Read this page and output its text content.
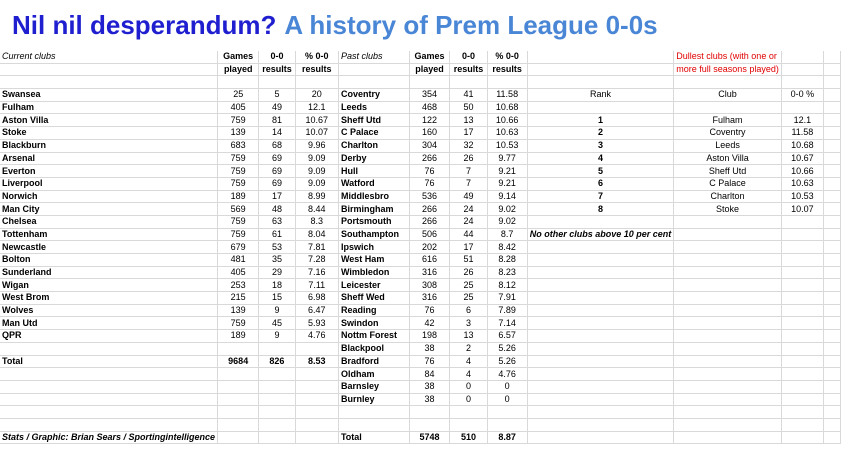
Nil nil desperandum? A history of Prem League 0-0s
Current clubs	Games	0-0	% 0-0	Past clubs	Games	0-0	% 0-0		Dullest clubs (with one or		
	played	results	results		played	results	results		more full seasons played)		

Swansea	25	5	20	Coventry	354	41	11.58	Rank	Club	0-0 %	
Fulham	405	49	12.1	Leeds	468	50	10.68				
Aston Villa	759	81	10.67	Sheff Utd	122	13	10.66	1	Fulham	12.1	
Stoke	139	14	10.07	C Palace	160	17	10.63	2	Coventry	11.58	
Blackburn	683	68	9.96	Charlton	304	32	10.53	3	Leeds	10.68	
Arsenal	759	69	9.09	Derby	266	26	9.77	4	Aston Villa	10.67	
Everton	759	69	9.09	Hull	76	7	9.21	5	Sheff Utd	10.66	
Liverpool	759	69	9.09	Watford	76	7	9.21	6	C Palace	10.63	
Norwich	189	17	8.99	Middlesbro	536	49	9.14	7	Charlton	10.53	
Man City	569	48	8.44	Birmingham	266	24	9.02	8	Stoke	10.07	
Chelsea	759	63	8.3	Portsmouth	266	24	9.02				
Tottenham	759	61	8.04	Southampton	506	44	8.7	No other clubs above 10 per cent			
Newcastle	679	53	7.81	Ipswich	202	17	8.42				
Bolton	481	35	7.28	West Ham	616	51	8.28				
Sunderland	405	29	7.16	Wimbledon	316	26	8.23				
Wigan	253	18	7.11	Leicester	308	25	8.12				
West Brom	215	15	6.98	Sheff Wed	316	25	7.91				
Wolves	139	9	6.47	Reading	76	6	7.89				
Man Utd	759	45	5.93	Swindon	42	3	7.14				
QPR	189	9	4.76	Nottm Forest	198	13	6.57				
				Blackpool	38	2	5.26				
Total	9684	826	8.53	Bradford	76	4	5.26				
				Oldham	84	4	4.76				
				Barnsley	38	0	0				
				Burnley	38	0	0				

Stats / Graphic: Brian Sears / Sportingintelligence				Total	5748	510	8.87				
